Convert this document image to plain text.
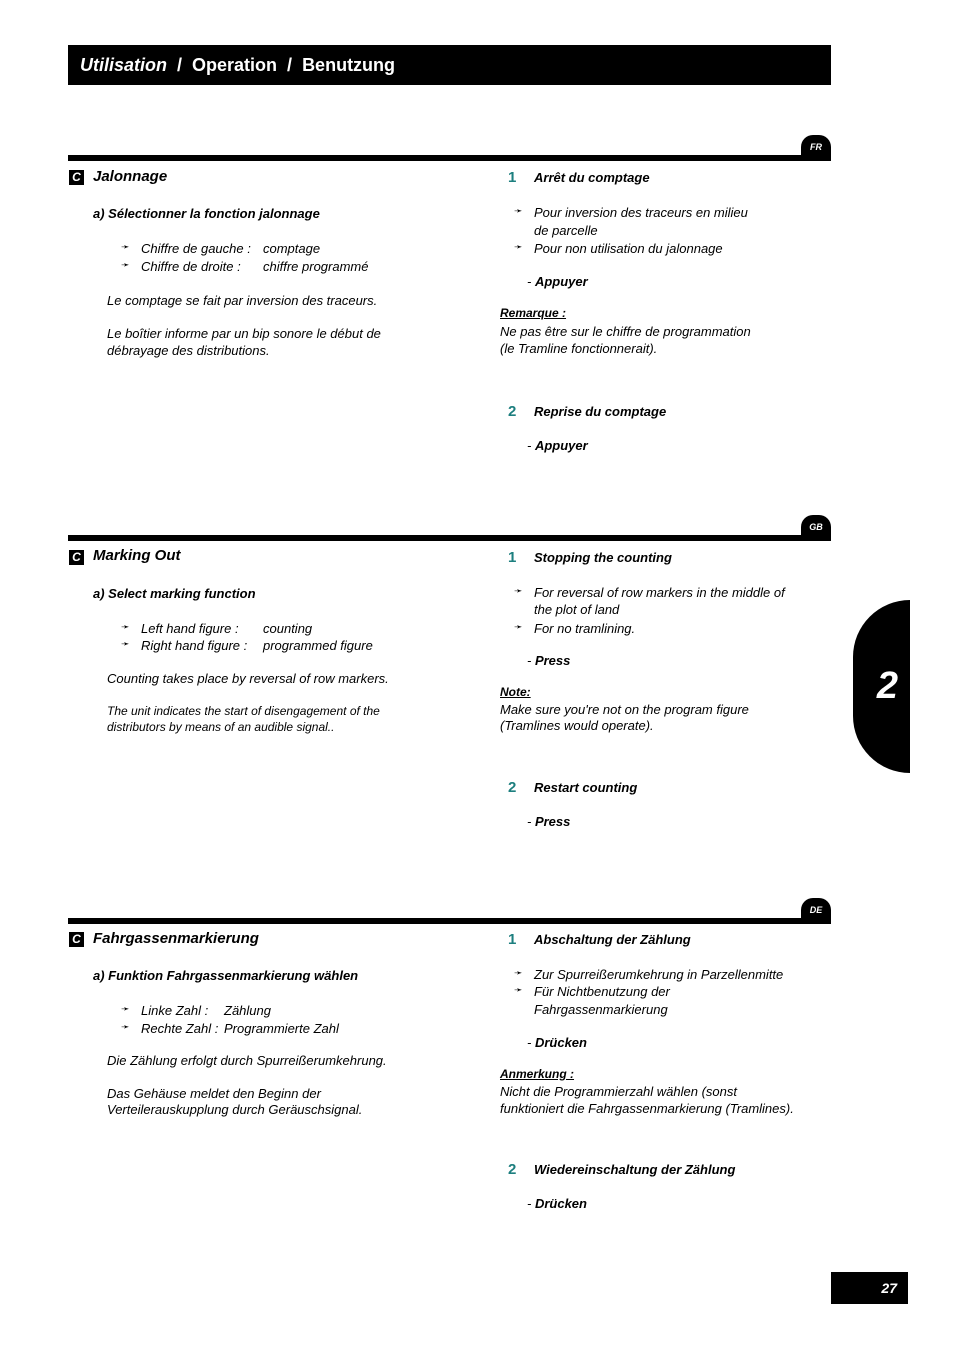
Utilisation / Operation / Benutzung
FR
C Jalonnage
a) Sélectionner la fonction jalonnage
➛ Chiffre de gauche : comptage
➛ Chiffre de droite : chiffre programmé
Le comptage se fait par inversion des traceurs.
Le boîtier informe par un bip sonore le début de
débrayage des distributions.
1 Arrêt du comptage
➛ Pour inversion des traceurs en milieu
de parcelle
➛ Pour non utilisation du jalonnage
- Appuyer
Remarque :
Ne pas être sur le chiffre de programmation
(le Tramline fonctionnerait).
2 Reprise du comptage
- Appuyer
GB
C Marking Out
a) Select marking function
➛ Left hand figure : counting
➛ Right hand figure : programmed figure
Counting takes place by reversal of row markers.
The unit indicates the start of disengagement of the
distributors by means of an audible signal..
1 Stopping the counting
➛ For reversal of row markers in the middle of
the plot of land
➛ For no tramlining.
- Press
Note:
Make sure you're not on the program figure
(Tramlines would operate).
2 Restart counting
- Press
2
DE
C Fahrgassenmarkierung
a) Funktion Fahrgassenmarkierung wählen
➛ Linke Zahl : Zählung
➛ Rechte Zahl : Programmierte Zahl
Die Zählung erfolgt durch Spurreißerumkehrung.
Das Gehäuse meldet den Beginn der
Verteilerauskupplung durch Geräuschsignal.
1 Abschaltung der Zählung
➛ Zur Spurreißerumkehrung in Parzellenmitte
➛ Für Nichtbenutzung der
Fahrgassenmarkierung
- Drücken
Anmerkung :
Nicht die Programmierzahl wählen (sonst
funktioniert die Fahrgassenmarkierung (Tramlines).
2 Wiedereinschaltung der Zählung
- Drücken
27
